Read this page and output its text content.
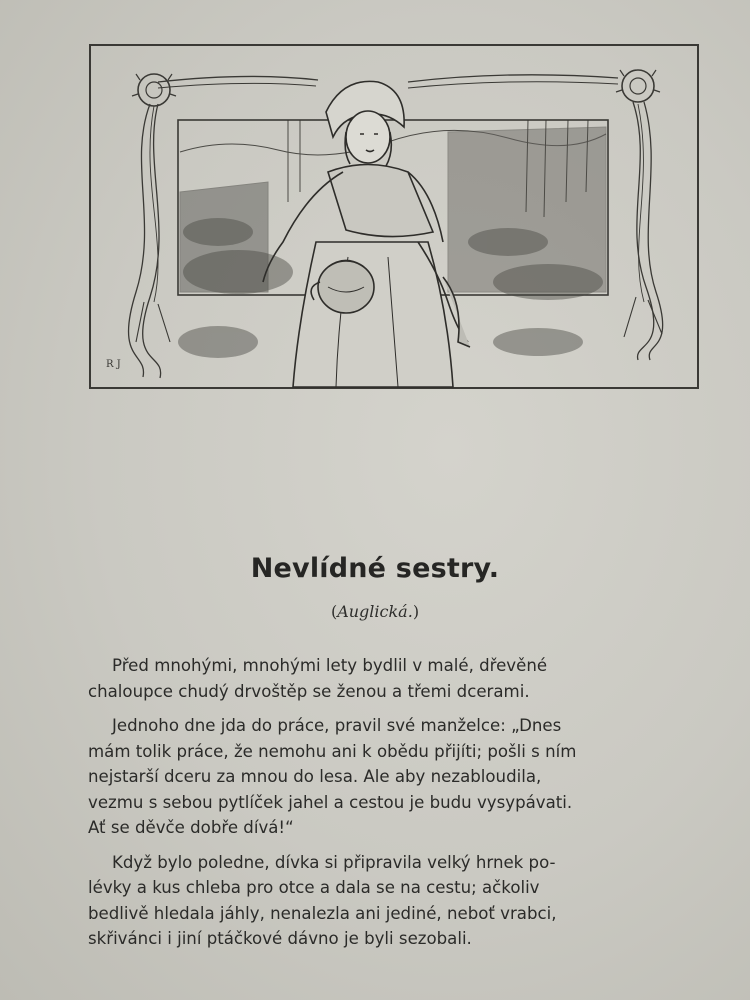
R J
Nevlídné sestry.
(Auglická.)

Před mnohými, mnohými lety bydlil v malé, dřevěné
chaloupce chudý drvoštěp se ženou a třemi dcerami.

Jednoho dne jda do práce, pravil své manželce: „Dnes
mám tolik práce, že nemohu ani k obědu přijíti; pošli s ním
nejstarší dceru za mnou do lesa. Ale aby nezabloudila,
vezmu s sebou pytlíček jahel a cestou je budu vysypávati.
Ať se děvče dobře dívá!“

Když bylo poledne, dívka si připravila velký hrnek po-
lévky a kus chleba pro otce a dala se na cestu; ačkoliv
bedlivě hledala jáhly, nenalezla ani jediné, neboť vrabci,
skřivánci i jiní ptáčkové dávno je byli sezobali.
